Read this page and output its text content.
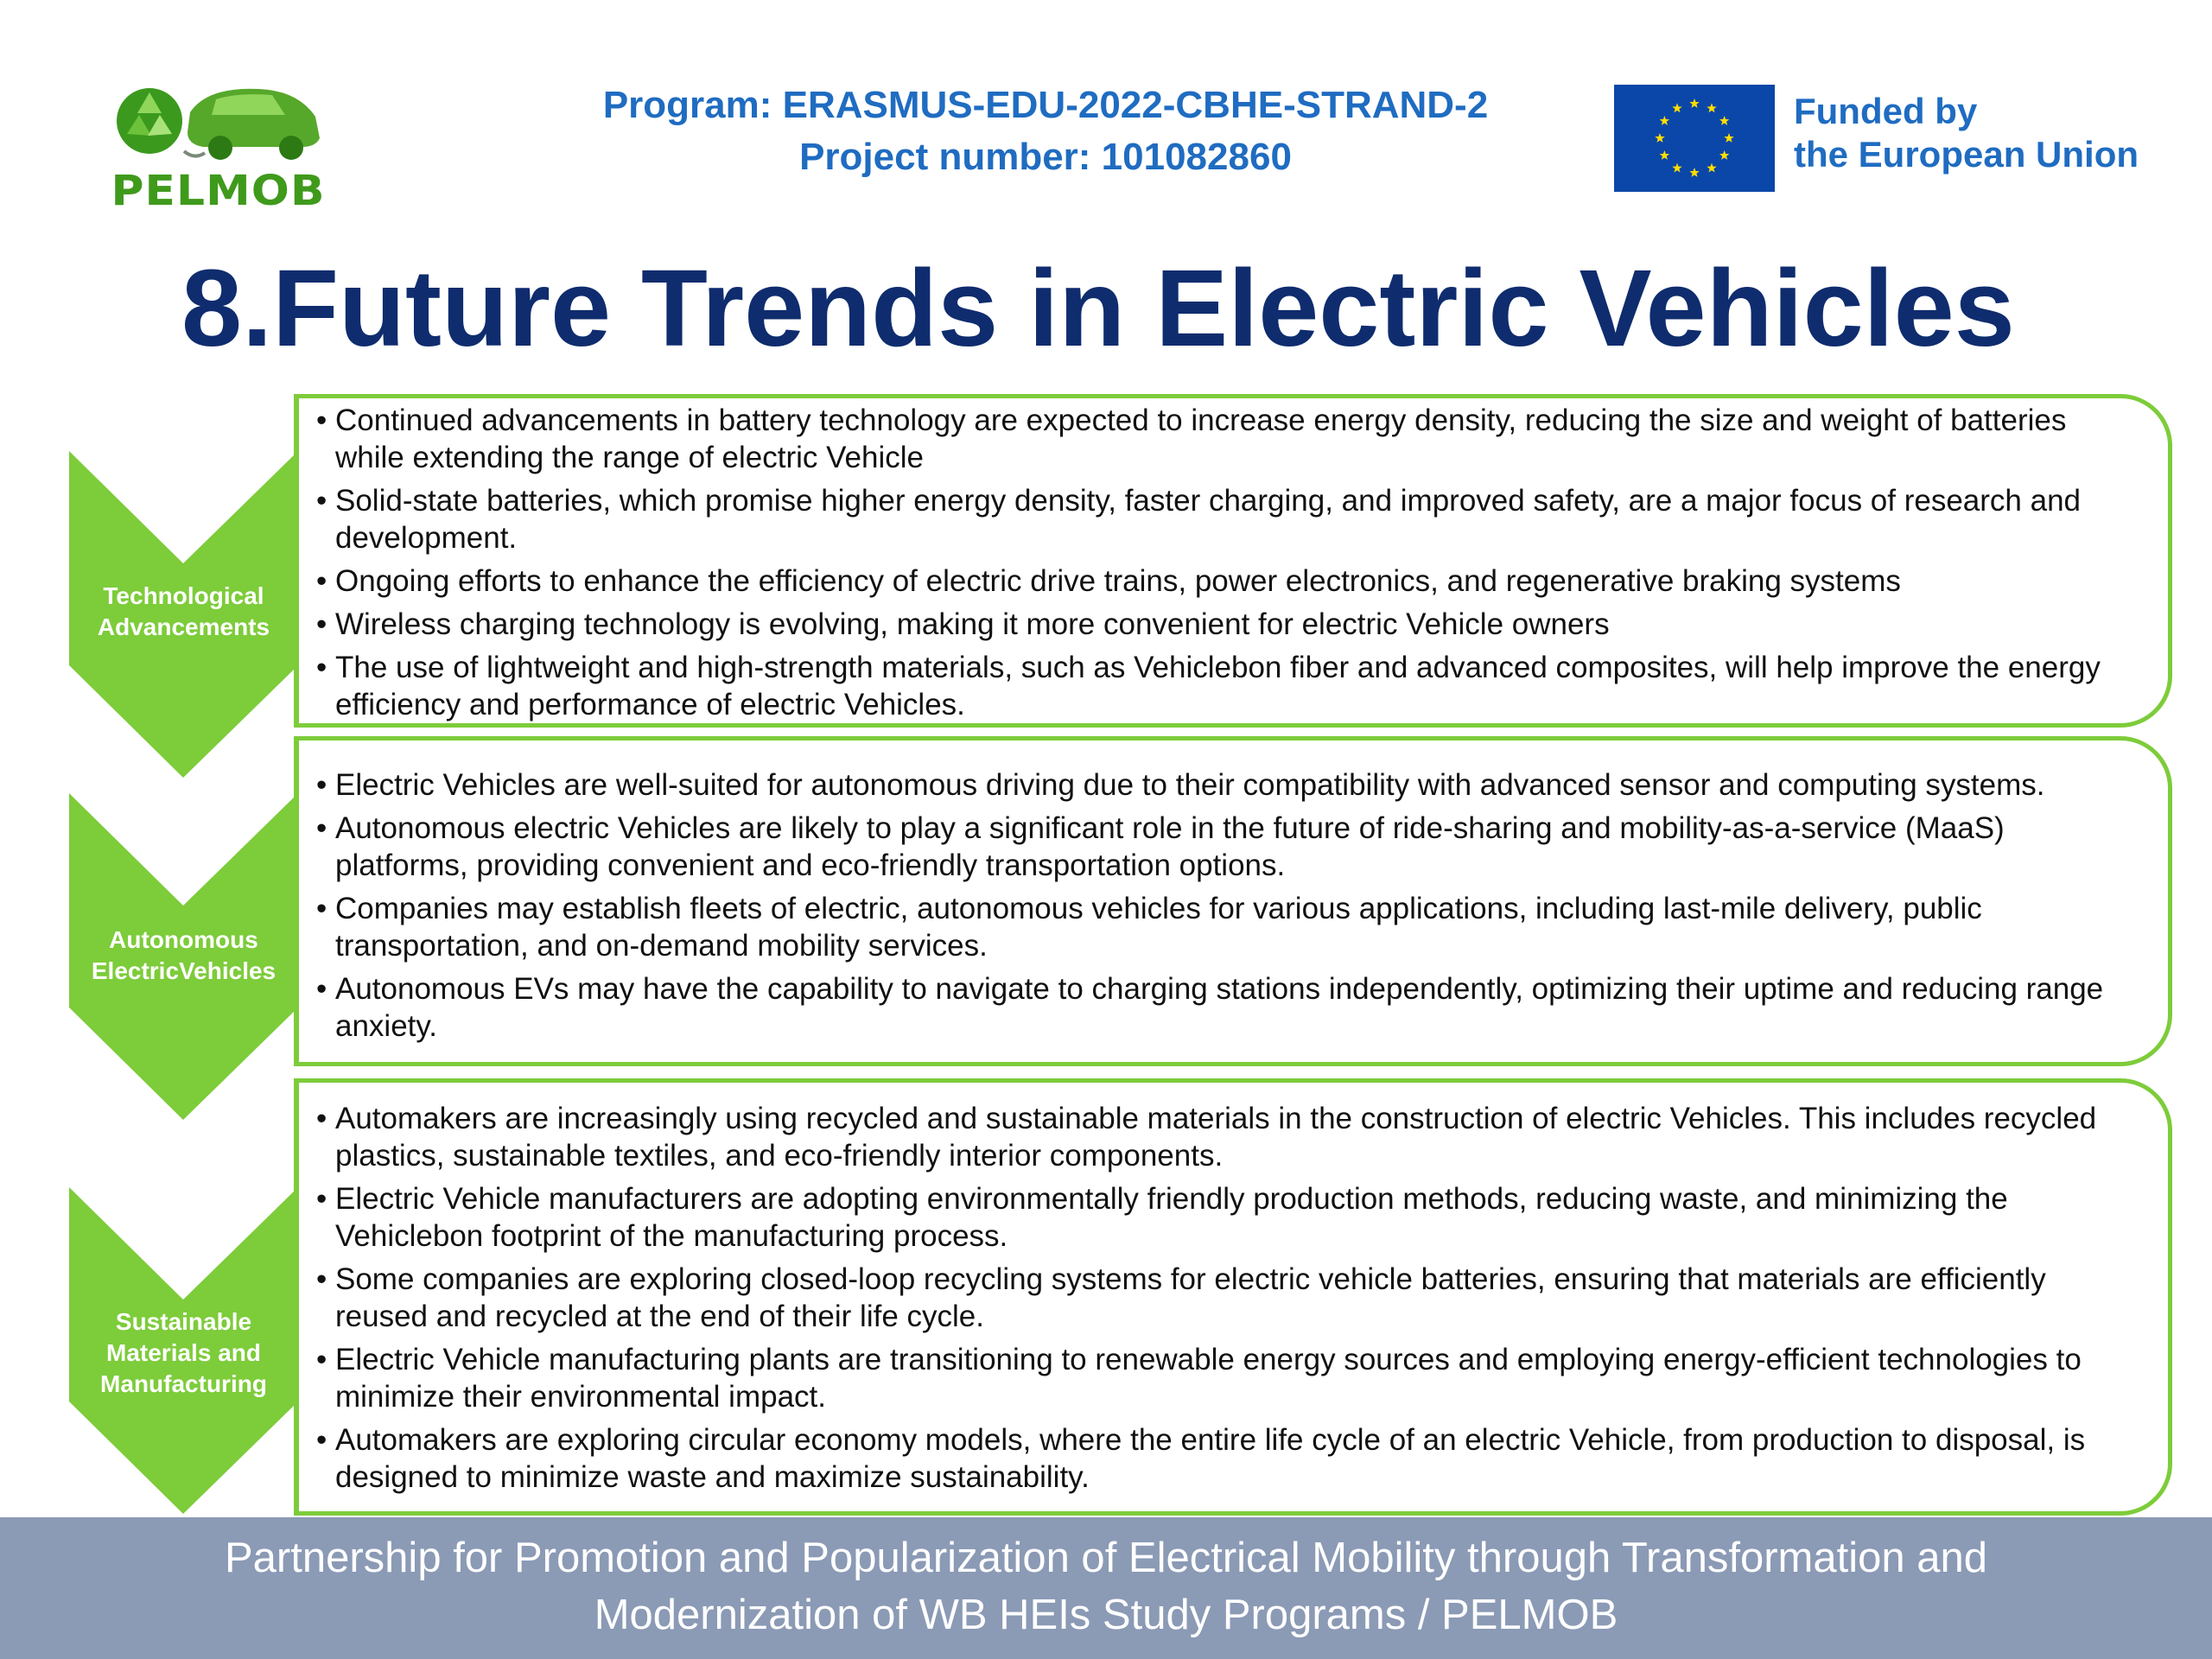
PELMOB
Program: ERASMUS-EDU-2022-CBHE-STRAND-2
Project number: 101082860
Funded by
the European Union
8.Future Trends in Electric Vehicles
Technological
Advancements
• Continued advancements in battery technology are expected to increase energy density, reducing the size and weight of batteries while extending the range of electric Vehicle
• Solid-state batteries, which promise higher energy density, faster charging, and improved safety, are a major focus of research and development.
• Ongoing efforts to enhance the efficiency of electric drive trains, power electronics, and regenerative braking systems
• Wireless charging technology is evolving, making it more convenient for electric Vehicle owners
• The use of lightweight and high-strength materials, such as Vehiclebon fiber and advanced composites, will help improve the energy efficiency and performance of electric Vehicles.
Autonomous
ElectricVehicles
• Electric Vehicles are well-suited for autonomous driving due to their compatibility with advanced sensor and computing systems.
• Autonomous electric Vehicles are likely to play a significant role in the future of ride-sharing and mobility-as-a-service (MaaS) platforms, providing convenient and eco-friendly transportation options.
• Companies may establish fleets of electric, autonomous vehicles for various applications, including last-mile delivery, public transportation, and on-demand mobility services.
• Autonomous EVs may have the capability to navigate to charging stations independently, optimizing their uptime and reducing range anxiety.
Sustainable
Materials and
Manufacturing
• Automakers are increasingly using recycled and sustainable materials in the construction of electric Vehicles. This includes recycled plastics, sustainable textiles, and eco-friendly interior components.
• Electric Vehicle manufacturers are adopting environmentally friendly production methods, reducing waste, and minimizing the Vehiclebon footprint of the manufacturing process.
• Some companies are exploring closed-loop recycling systems for electric vehicle batteries, ensuring that materials are efficiently reused and recycled at the end of their life cycle.
• Electric Vehicle manufacturing plants are transitioning to renewable energy sources and employing energy-efficient technologies to minimize their environmental impact.
• Automakers are exploring circular economy models, where the entire life cycle of an electric Vehicle, from production to disposal, is designed to minimize waste and maximize sustainability.
Partnership for Promotion and Popularization of Electrical Mobility through Transformation and
Modernization of WB HEIs Study Programs / PELMOB
